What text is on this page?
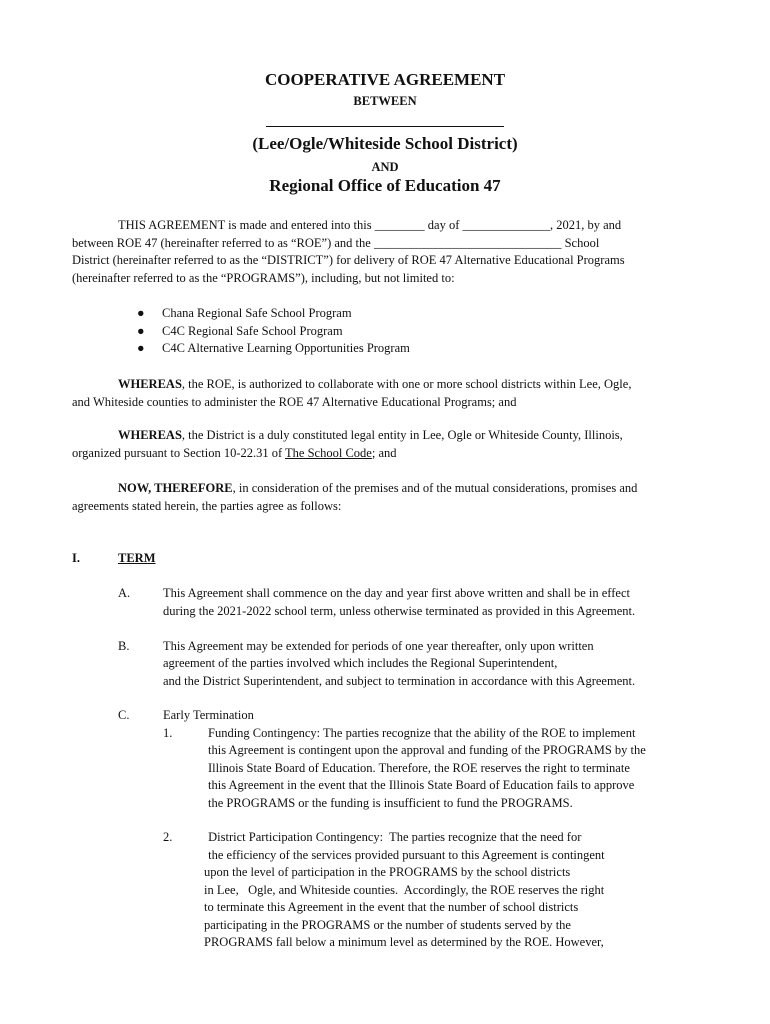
COOPERATIVE AGREEMENT
BETWEEN
(Lee/Ogle/Whiteside School District)
AND
Regional Office of Education 47
THIS AGREEMENT is made and entered into this ________ day of ______________, 2021, by and
between ROE 47 (hereinafter referred to as “ROE”) and the ______________________________ School
District (hereinafter referred to as the “DISTRICT”) for delivery of ROE 47 Alternative Educational Programs
(hereinafter referred to as the “PROGRAMS”), including, but not limited to:
● Chana Regional Safe School Program
● C4C Regional Safe School Program
● C4C Alternative Learning Opportunities Program
WHEREAS, the ROE, is authorized to collaborate with one or more school districts within Lee, Ogle,
and Whiteside counties to administer the ROE 47 Alternative Educational Programs; and
WHEREAS, the District is a duly constituted legal entity in Lee, Ogle or Whiteside County, Illinois,
organized pursuant to Section 10-22.31 of The School Code; and
NOW, THEREFORE, in consideration of the premises and of the mutual considerations, promises and
agreements stated herein, the parties agree as follows:
I.	TERM
A.	This Agreement shall commence on the day and year first above written and shall be in effect
during the 2021-2022 school term, unless otherwise terminated as provided in this Agreement.
B.	This Agreement may be extended for periods of one year thereafter, only upon written
agreement of the parties involved which includes the Regional Superintendent,
and the District Superintendent, and subject to termination in accordance with this Agreement.
C.	Early Termination
1.	Funding Contingency: The parties recognize that the ability of the ROE to implement
this Agreement is contingent upon the approval and funding of the PROGRAMS by the
Illinois State Board of Education. Therefore, the ROE reserves the right to terminate
this Agreement in the event that the Illinois State Board of Education fails to approve
the PROGRAMS or the funding is insufficient to fund the PROGRAMS.
2.	District Participation Contingency:  The parties recognize that the need for
the efficiency of the services provided pursuant to this Agreement is contingent
upon the level of participation in the PROGRAMS by the school districts
in Lee,   Ogle, and Whiteside counties.  Accordingly, the ROE reserves the right
to terminate this Agreement in the event that the number of school districts
participating in the PROGRAMS or the number of students served by the
PROGRAMS fall below a minimum level as determined by the ROE. However,
